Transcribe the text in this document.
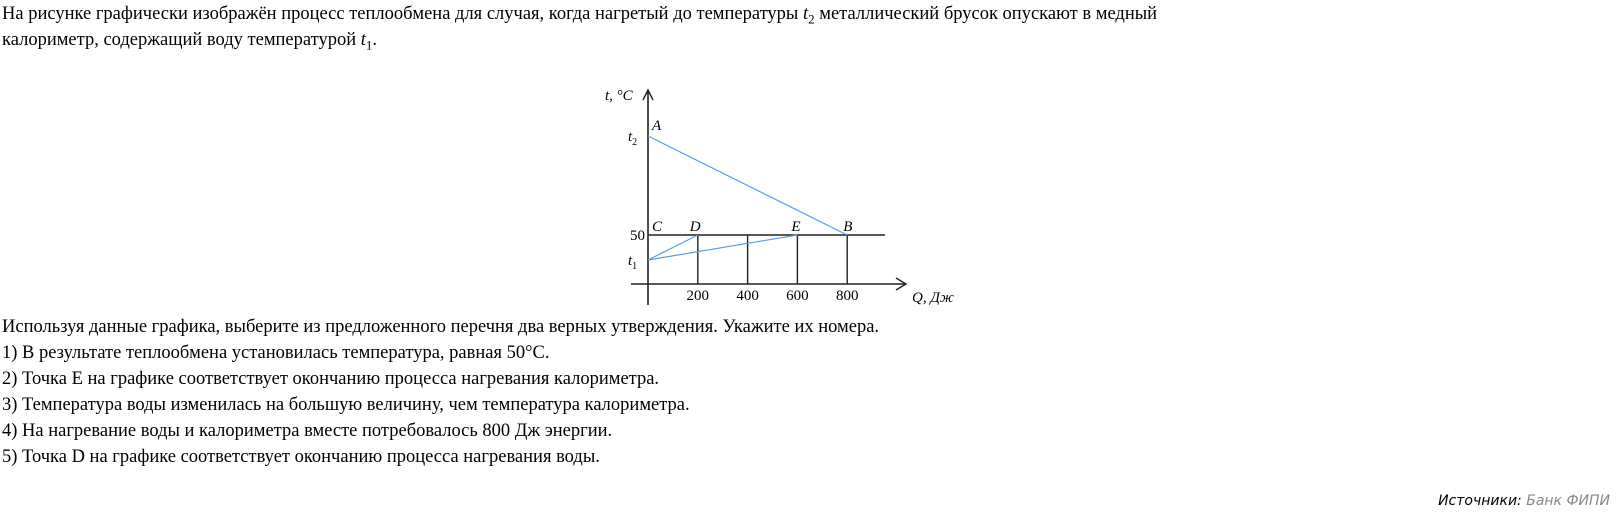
На рисунке графически изображён процесс теплообмена для случая, когда нагретый до температуры $t_2$ металлический брусок опускают в медный
калориметр, содержащий воду температурой $t_1$.
200 400 600 800
$t_2$
50
$t_1$
A
B
C D	E
t, °C
Q, Дж
Используя данные графика, выберите из предложенного перечня два верных утверждения. Укажите их номера.
1) В результате теплообмена установилась температура, равная 50°C.
2) Точка E на графике соответствует окончанию процесса нагревания калориметра.
3) Температура воды изменилась на большую величину, чем температура калориметра.
4) На нагревание воды и калориметра вместе потребовалось 800 Дж энергии.
5) Точка D на графике соответствует окончанию процесса нагревания воды.
Источники: Банк ФИПИ
